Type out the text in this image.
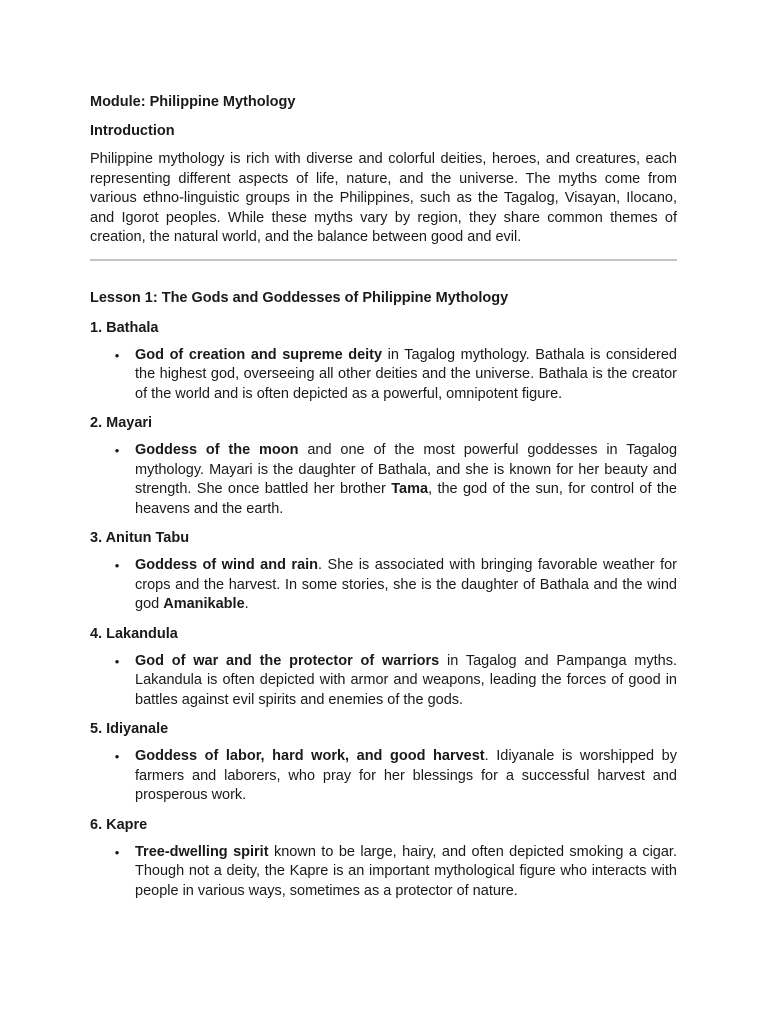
Module: Philippine Mythology

Introduction

Philippine mythology is rich with diverse and colorful deities, heroes, and creatures, each representing different aspects of life, nature, and the universe. The myths come from various ethno-linguistic groups in the Philippines, such as the Tagalog, Visayan, Ilocano, and Igorot peoples. While these myths vary by region, they share common themes of creation, the natural world, and the balance between good and evil.

Lesson 1: The Gods and Goddesses of Philippine Mythology

1. Bathala

• God of creation and supreme deity in Tagalog mythology. Bathala is considered the highest god, overseeing all other deities and the universe. Bathala is the creator of the world and is often depicted as a powerful, omnipotent figure.

2. Mayari

• Goddess of the moon and one of the most powerful goddesses in Tagalog mythology. Mayari is the daughter of Bathala, and she is known for her beauty and strength. She once battled her brother Tama, the god of the sun, for control of the heavens and the earth.

3. Anitun Tabu

• Goddess of wind and rain. She is associated with bringing favorable weather for crops and the harvest. In some stories, she is the daughter of Bathala and the wind god Amanikable.

4. Lakandula

• God of war and the protector of warriors in Tagalog and Pampanga myths. Lakandula is often depicted with armor and weapons, leading the forces of good in battles against evil spirits and enemies of the gods.

5. Idiyanale

• Goddess of labor, hard work, and good harvest. Idiyanale is worshipped by farmers and laborers, who pray for her blessings for a successful harvest and prosperous work.

6. Kapre

• Tree-dwelling spirit known to be large, hairy, and often depicted smoking a cigar. Though not a deity, the Kapre is an important mythological figure who interacts with people in various ways, sometimes as a protector of nature.
